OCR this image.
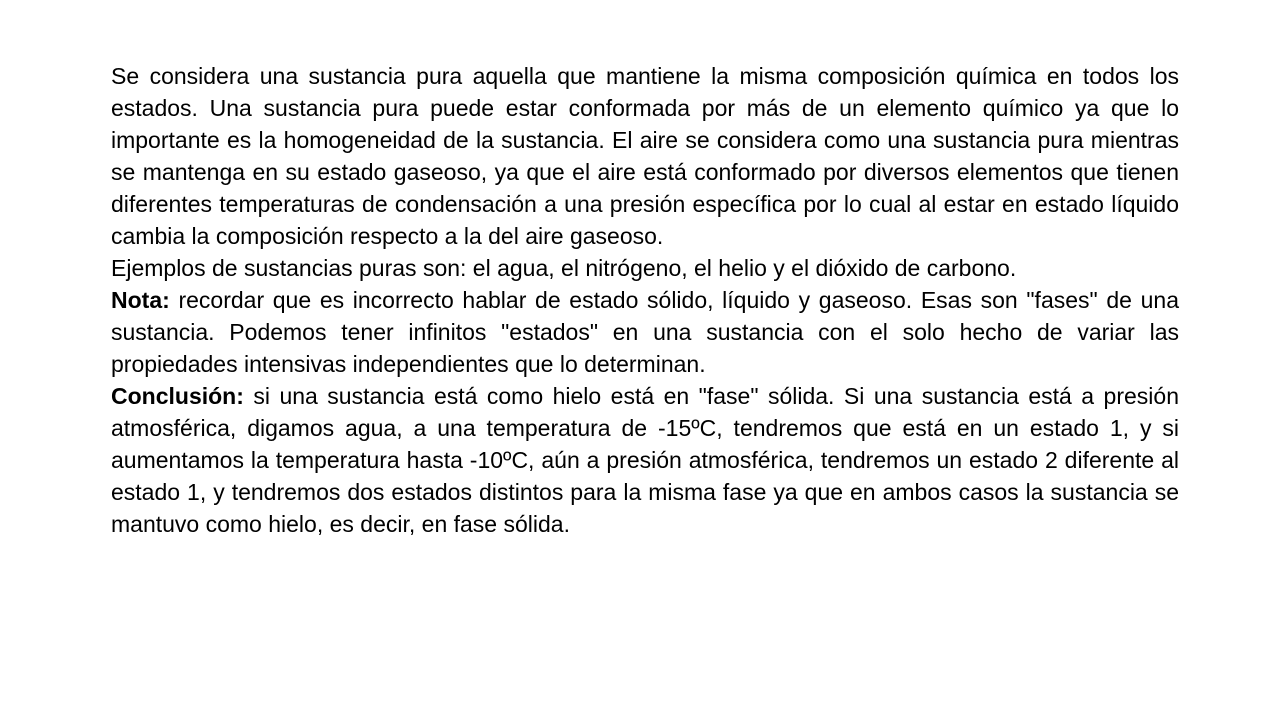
Se considera una sustancia pura aquella que mantiene la misma composición química en todos los estados. Una sustancia pura puede estar conformada por más de un elemento químico ya que lo importante es la homogeneidad de la sustancia. El aire se considera como una sustancia pura mientras se mantenga en su estado gaseoso, ya que el aire está conformado por diversos elementos que tienen diferentes temperaturas de condensación a una presión específica por lo cual al estar en estado líquido cambia la composición respecto a la del aire gaseoso.

Ejemplos de sustancias puras son: el agua, el nitrógeno, el helio y el dióxido de carbono.

Nota: recordar que es incorrecto hablar de estado sólido, líquido y gaseoso. Esas son "fases" de una sustancia. Podemos tener infinitos "estados" en una sustancia con el solo hecho de variar las propiedades intensivas independientes que lo determinan.

Conclusión: si una sustancia está como hielo está en "fase" sólida. Si una sustancia está a presión atmosférica, digamos agua, a una temperatura de -15ºC, tendremos que está en un estado 1, y si aumentamos la temperatura hasta -10ºC, aún a presión atmosférica, tendremos un estado 2 diferente al estado 1, y tendremos dos estados distintos para la misma fase ya que en ambos casos la sustancia se mantuvo como hielo, es decir, en fase sólida.
